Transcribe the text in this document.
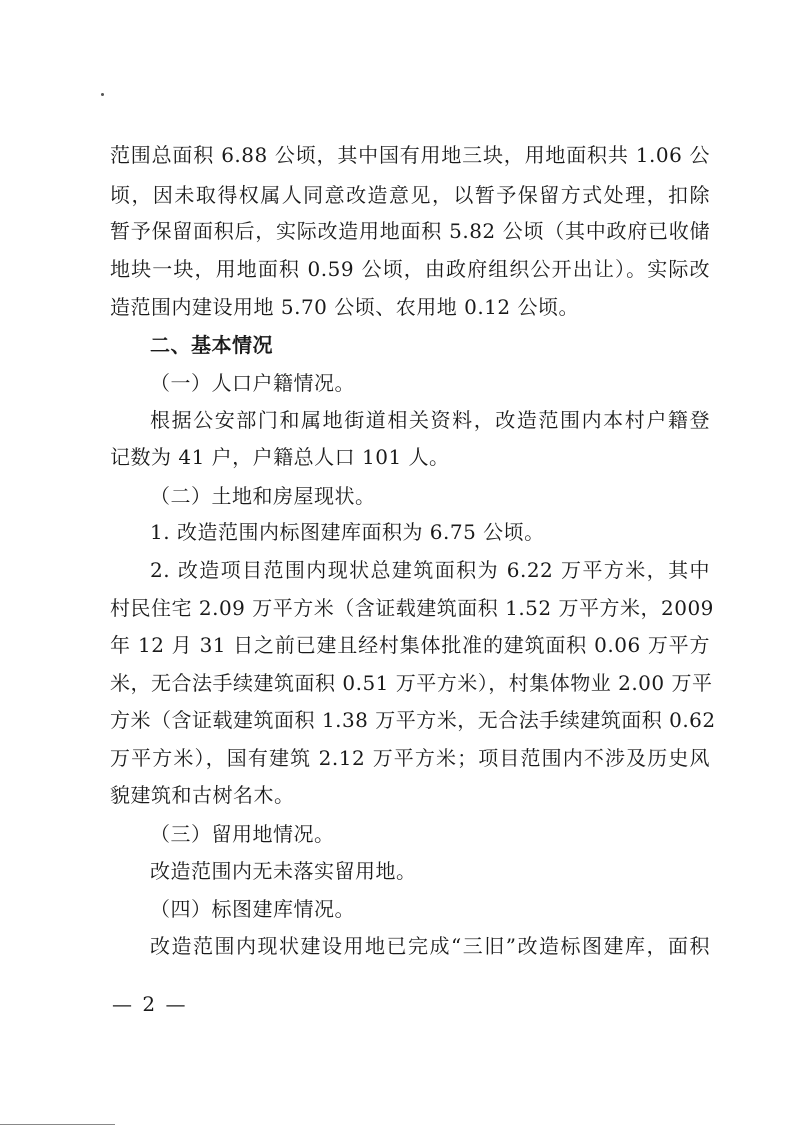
范围总面积 6.88 公顷，其中国有用地三块，用地面积共 1.06 公
顷，因未取得权属人同意改造意见，以暂予保留方式处理，扣除
暂予保留面积后，实际改造用地面积 5.82 公顷（其中政府已收储
地块一块，用地面积 0.59 公顷，由政府组织公开出让）。实际改
造范围内建设用地 5.70 公顷、农用地 0.12 公顷。
二、基本情况
（一）人口户籍情况。
根据公安部门和属地街道相关资料，改造范围内本村户籍登
记数为 41 户，户籍总人口 101 人。
（二）土地和房屋现状。
1. 改造范围内标图建库面积为 6.75 公顷。
2. 改造项目范围内现状总建筑面积为 6.22 万平方米，其中
村民住宅 2.09 万平方米（含证载建筑面积 1.52 万平方米，2009
年 12 月 31 日之前已建且经村集体批准的建筑面积 0.06 万平方
米，无合法手续建筑面积 0.51 万平方米），村集体物业 2.00 万平
方米（含证载建筑面积 1.38 万平方米，无合法手续建筑面积 0.62
万平方米），国有建筑 2.12 万平方米；项目范围内不涉及历史风
貌建筑和古树名木。
（三）留用地情况。
改造范围内无未落实留用地。
（四）标图建库情况。
改造范围内现状建设用地已完成“三旧”改造标图建库，面积
— 2 —
